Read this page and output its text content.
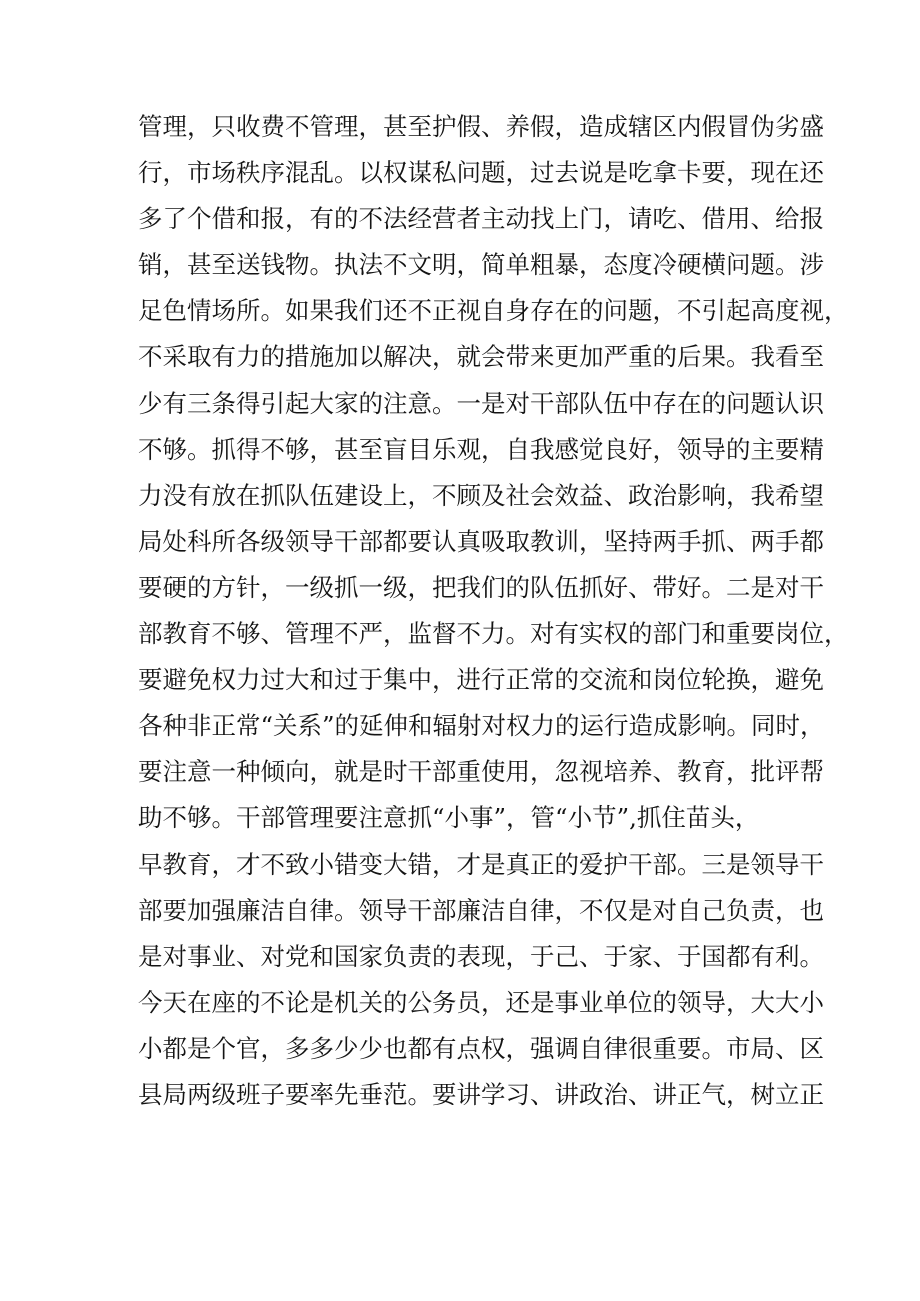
管理，只收费不管理，甚至护假、养假，造成辖区内假冒伪劣盛
行，市场秩序混乱。以权谋私问题，过去说是吃拿卡要，现在还
多了个借和报，有的不法经营者主动找上门，请吃、借用、给报
销，甚至送钱物。执法不文明，简单粗暴，态度冷硬横问题。涉
足色情场所。如果我们还不正视自身存在的问题，不引起高度视，
不采取有力的措施加以解决，就会带来更加严重的后果。我看至
少有三条得引起大家的注意。一是对干部队伍中存在的问题认识
不够。抓得不够，甚至盲目乐观，自我感觉良好，领导的主要精
力没有放在抓队伍建设上，不顾及社会效益、政治影响，我希望
局处科所各级领导干部都要认真吸取教训，坚持两手抓、两手都
要硬的方针，一级抓一级，把我们的队伍抓好、带好。二是对干
部教育不够、管理不严，监督不力。对有实权的部门和重要岗位，
要避免权力过大和过于集中，进行正常的交流和岗位轮换，避免
各种非正常“关系”的延伸和辐射对权力的运行造成影响。同时，
要注意一种倾向，就是时干部重使用，忽视培养、教育，批评帮
助不够。干部管理要注意抓“小事”，管“小节”,抓住苗头，
早教育，才不致小错变大错，才是真正的爱护干部。三是领导干
部要加强廉洁自律。领导干部廉洁自律，不仅是对自己负责，也
是对事业、对党和国家负责的表现，于己、于家、于国都有利。
今天在座的不论是机关的公务员，还是事业单位的领导，大大小
小都是个官，多多少少也都有点权，强调自律很重要。市局、区
县局两级班子要率先垂范。要讲学习、讲政治、讲正气，树立正
